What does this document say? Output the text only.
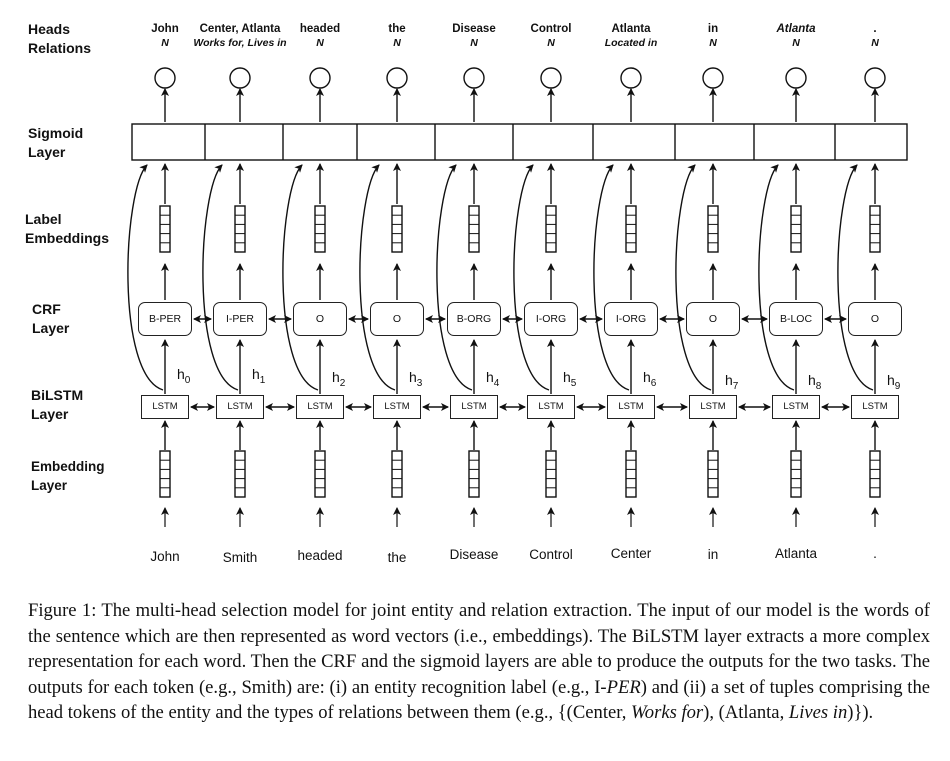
Heads
Relations
Sigmoid
Layer
Label
Embeddings
CRF
Layer
BiLSTM
Layer
Embedding
Layer
John
N
B-PER
LSTM
$h_0$
John
Center, Atlanta
Works for, Lives in
I-PER
LSTM
$h_1$
Smith
headed
N
O
LSTM
$h_2$
headed
the
N
O
LSTM
$h_3$
the
Disease
N
B-ORG
LSTM
$h_4$
Disease
Control
N
I-ORG
LSTM
$h_5$
Control
Atlanta
Located in
I-ORG
LSTM
$h_6$
Center
in
N
O
LSTM
$h_7$
in
Atlanta
N
B-LOC
LSTM
$h_8$
Atlanta
.
N
O
LSTM
$h_9$
.

Figure 1: The multi-head selection model for joint entity and relation extraction. The input of our model is the words of the sentence which are then represented as word vectors (i.e., embeddings). The BiLSTM layer extracts a more complex representation for each word. Then the CRF and the sigmoid layers are able to produce the outputs for the two tasks. The outputs for each token (e.g., Smith) are: (i) an entity recognition label (e.g., I-PER) and (ii) a set of tuples comprising the head tokens of the entity and the types of relations between them (e.g., {(Center, Works for), (Atlanta, Lives in)}).
